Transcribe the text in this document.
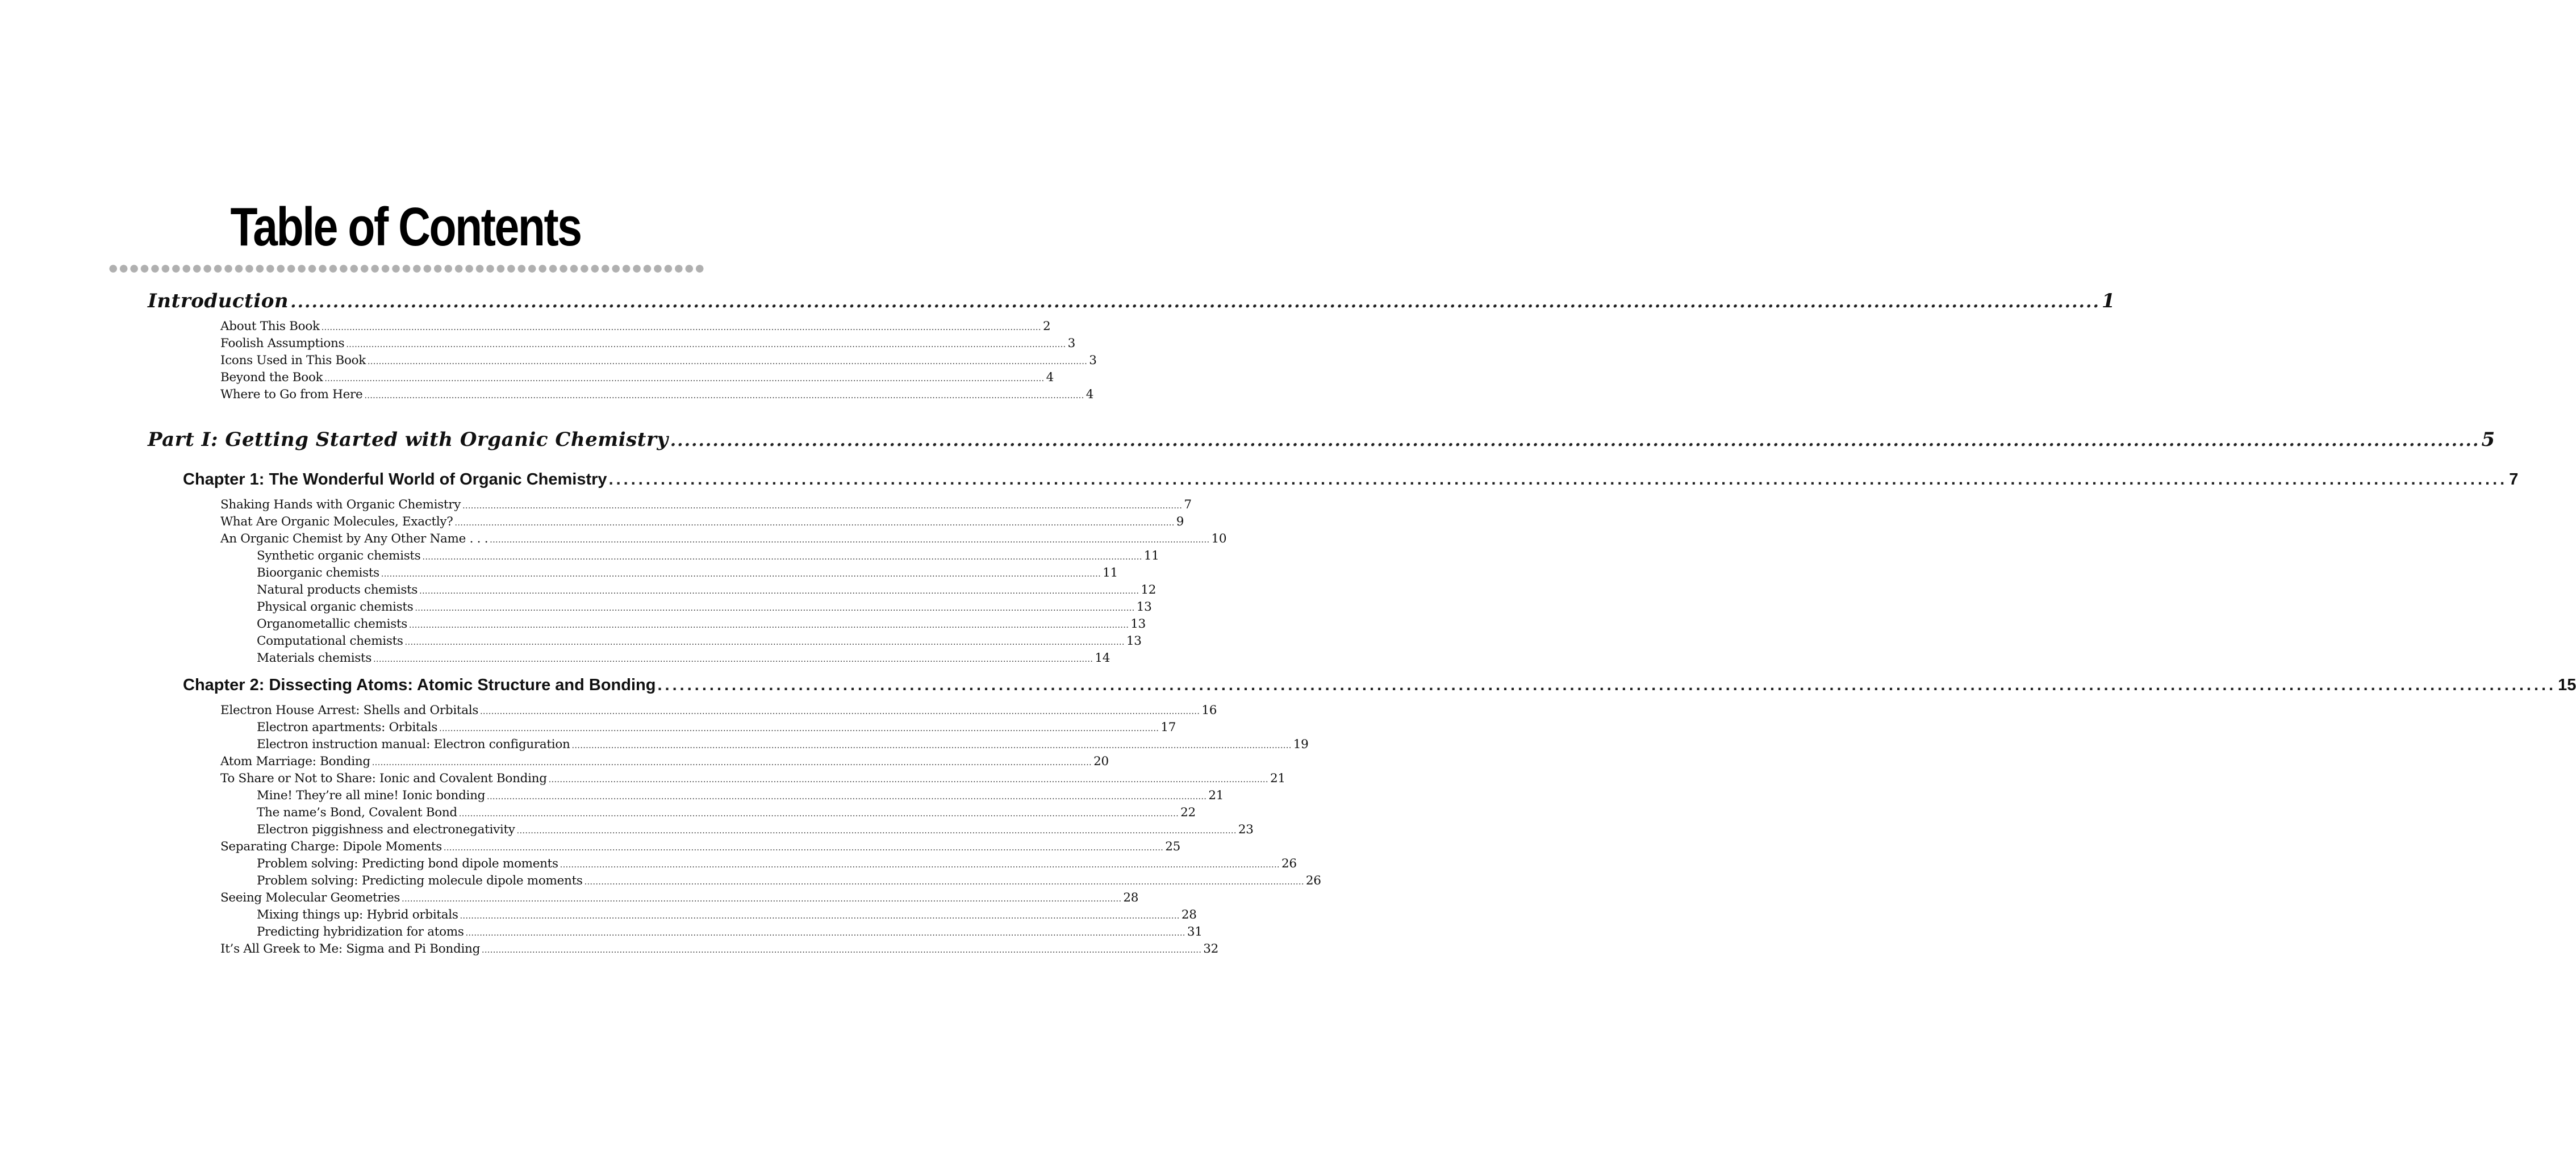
Table of Contents
Introduction ................................................................................................................................................................................................................................................................ 1
About This Book ................................................................................................................................................................................................................................................................ 2
Foolish Assumptions ................................................................................................................................................................................................................................................................ 3
Icons Used in This Book ................................................................................................................................................................................................................................................................ 3
Beyond the Book ................................................................................................................................................................................................................................................................ 4
Where to Go from Here ................................................................................................................................................................................................................................................................ 4
Part I: Getting Started with Organic Chemistry ................................................................................................................................................................................................................................................................ 5
Chapter 1: The Wonderful World of Organic Chemistry ................................................................................................................................................................................................................................................................ 7
Shaking Hands with Organic Chemistry ................................................................................................................................................................................................................................................................ 7
What Are Organic Molecules, Exactly? ................................................................................................................................................................................................................................................................ 9
An Organic Chemist by Any Other Name . . . ................................................................................................................................................................................................................................................................ 10
Synthetic organic chemists ................................................................................................................................................................................................................................................................ 11
Bioorganic chemists ................................................................................................................................................................................................................................................................ 11
Natural products chemists ................................................................................................................................................................................................................................................................ 12
Physical organic chemists ................................................................................................................................................................................................................................................................ 13
Organometallic chemists ................................................................................................................................................................................................................................................................ 13
Computational chemists ................................................................................................................................................................................................................................................................ 13
Materials chemists ................................................................................................................................................................................................................................................................ 14
Chapter 2: Dissecting Atoms: Atomic Structure and Bonding ................................................................................................................................................................................................................................................................ 15
Electron House Arrest: Shells and Orbitals ................................................................................................................................................................................................................................................................ 16
Electron apartments: Orbitals ................................................................................................................................................................................................................................................................ 17
Electron instruction manual: Electron configuration ................................................................................................................................................................................................................................................................ 19
Atom Marriage: Bonding ................................................................................................................................................................................................................................................................ 20
To Share or Not to Share: Ionic and Covalent Bonding ................................................................................................................................................................................................................................................................ 21
Mine! They’re all mine! Ionic bonding ................................................................................................................................................................................................................................................................ 21
The name’s Bond, Covalent Bond ................................................................................................................................................................................................................................................................ 22
Electron piggishness and electronegativity ................................................................................................................................................................................................................................................................ 23
Separating Charge: Dipole Moments ................................................................................................................................................................................................................................................................ 25
Problem solving: Predicting bond dipole moments ................................................................................................................................................................................................................................................................ 26
Problem solving: Predicting molecule dipole moments ................................................................................................................................................................................................................................................................ 26
Seeing Molecular Geometries ................................................................................................................................................................................................................................................................ 28
Mixing things up: Hybrid orbitals ................................................................................................................................................................................................................................................................ 28
Predicting hybridization for atoms ................................................................................................................................................................................................................................................................ 31
It’s All Greek to Me: Sigma and Pi Bonding ................................................................................................................................................................................................................................................................ 32
